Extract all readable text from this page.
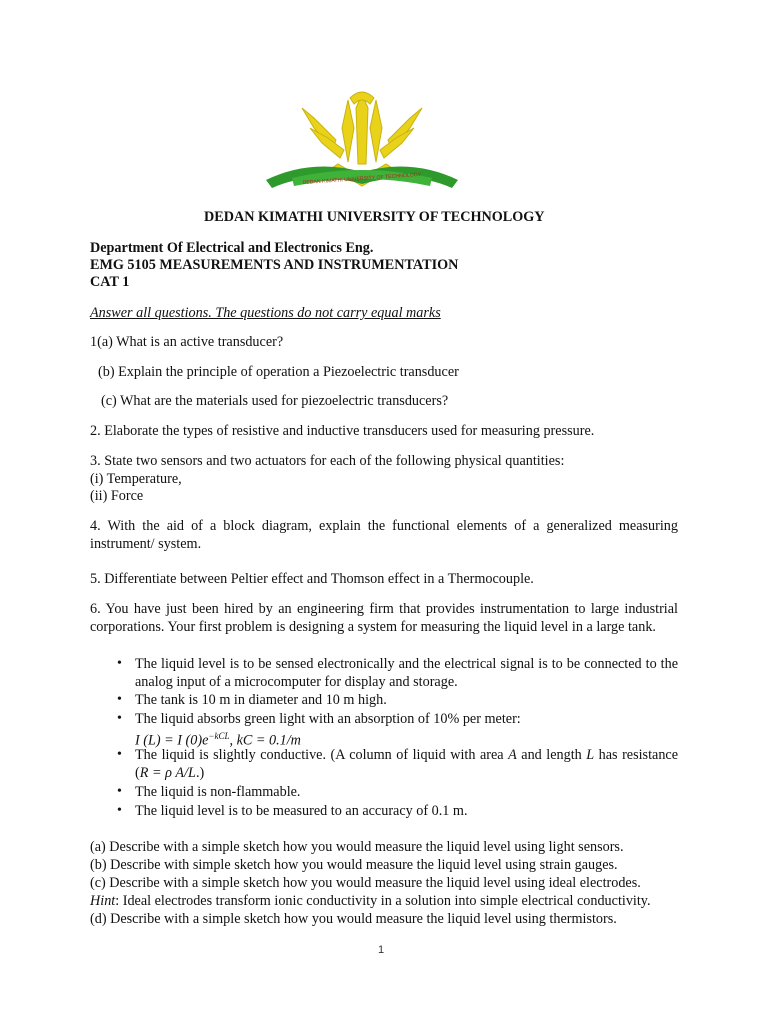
DEDAN KIMATHI UNIVERSITY OF TECHNOLOGY
DEDAN KIMATHI UNIVERSITY OF TECHNOLOGY
Department Of Electrical and Electronics Eng.
EMG 5105 MEASUREMENTS AND INSTRUMENTATION
CAT 1
Answer all questions. The questions do not carry equal marks
1(a) What is an active transducer?
(b) Explain the principle of operation a Piezoelectric transducer
(c) What are the materials used for piezoelectric transducers?
2. Elaborate the types of resistive and inductive transducers used for measuring pressure.
3. State two sensors and two actuators for each of the following physical quantities:
(i) Temperature,
(ii) Force
4. With the aid of a block diagram, explain the functional elements of a generalized measuring instrument/ system.
5. Differentiate between Peltier effect and Thomson effect in a Thermocouple.
6. You have just been hired by an engineering firm that provides instrumentation to large industrial corporations. Your first problem is designing a system for measuring the liquid level in a large tank.
• The liquid level is to be sensed electronically and the electrical signal is to be connected to the analog input of a microcomputer for display and storage.
• The tank is 10 m in diameter and 10 m high.
• The liquid absorbs green light with an absorption of 10% per meter:
I (L) = I $(0)e^{-kCL}$, kC = 0.1/m
• The liquid is slightly conductive. (A column of liquid with area A and length L has resistance (R = ρ A/L.)
• The liquid is non-flammable.
• The liquid level is to be measured to an accuracy of 0.1 m.
(a) Describe with a simple sketch how you would measure the liquid level using light sensors.
(b) Describe with simple sketch how you would measure the liquid level using strain gauges.
(c) Describe with a simple sketch how you would measure the liquid level using ideal electrodes.
Hint: Ideal electrodes transform ionic conductivity in a solution into simple electrical conductivity.
(d) Describe with a simple sketch how you would measure the liquid level using thermistors.
1
